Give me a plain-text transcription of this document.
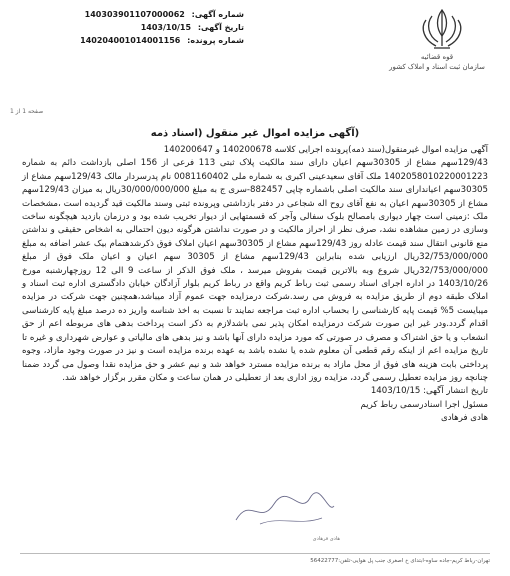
شماره آگهی: 140303901107000062
تاریخ آگهی: 1403/10/15
شماره پرونده: 140204001014001156
قوه قضائیه
سازمان ثبت اسناد و املاک کشور
صفحه 1 از 1
(آگهی مزایده اموال غیر منقول (اسناد ذمه

آگهی مزایده اموال غیرمنقول(سند ذمه)پرونده اجرایی کلاسه 140200678 و 140200647

129/43سهم مشاع از 30305سهم اعیان دارای سند مالکیت پلاک ثبتی 113 فرعی از 156 اصلی بازداشت دائم به شماره 1402058010220001223 ملک آقای سعیدعینی اکبری به شماره ملی 0081160402 نام پدرسردار مالک 129/43سهم مشاع از 30305سهم اعیاندارای سند مالکیت اصلی باشماره چاپی 882457-سری ج به مبلغ 30/000/000/000ریال به میزان 129/43سهم مشاع از 30305سهم اعیان به نفع آقای روح اله شجاعی در دفتر بازداشتی وپرونده ثبتی وسند مالکیت قید گردیده است ،مشخصات ملک :زمینی است چهار دیواری بامصالح بلوک سفالی وآجر که قسمتهایی از دیوار تخریب شده بود و درزمان بازدید هیچگونه ساخت وسازی در زمین مشاهده نشد، صرف نظر از احراز مالکیت و در صورت نداشتن هرگونه دیون احتمالی به اشخاص حقیقی و نداشتن منع قانونی انتقال سند قیمت عادله روز 129/43سهم مشاع از 30305سهم اعیان املاک فوق ذکرشدهتمام بیک عشر اضافه به مبلغ 32/753/000/000ریال ارزیابی شده بنابراین 129/43سهم مشاع از 30305 سهم اعیان و اعیان ملک فوق از مبلغ 32/753/000/000ریال شروع وبه بالاترین قیمت بفروش میرسد ، ملک فوق الذکر از ساعت 9 الی 12 روزچهارشنبه مورخ 1403/10/26 در اداره اجرای اسناد رسمی ثبت رباط کریم واقع در رباط کریم بلوار آزادگان خیابان دادگستری اداره ثبت اسناد و املاک طبقه دوم از طریق مزایده به فروش می رسد.شرکت درمزایده جهت عموم آزاد میباشد،همچنین جهت شرکت در مزایده میبایست 5% قیمت پایه کارشناسی را بحساب اداره ثبت مراجعه نمایند تا نسبت به اخذ شناسه واریز ده درصد مبلغ پایه کارشناسی اقدام گردد.ودر غیر این صورت شرکت درمزایده امکان پذیر نمی باشدلازم به ذکر است پرداخت بدهی های مربوطه اعم از حق انشعاب و یا حق اشتراک و مصرف در صورتی که مورد مزایده دارای آنها باشد و نیز بدهی های مالیاتی و عوارض شهرداری و غیره تا تاریخ مزایده اعم از اینکه رقم قطعی آن معلوم شده یا نشده باشد به عهده برنده مزایده است و نیز در صورت وجود مازاد، وجوه پرداختی بابت هزینه های فوق از محل مازاد به برنده مزایده مسترد خواهد شد و نیم عشر و حق مزایده نقدا وصول می گردد ضمنا چنانچه روز مزایده تعطیل رسمی گردد، مزایده روز اداری بعد از تعطیلی در همان ساعت و مکان مقرر برگزار خواهد شد.

تاریخ انتشار آگهی: 1403/10/15
مسئول اجرا اسنادرسمی رباط کریم
هادی فرهادی
هادی فرهادی
تهران-رباط کریم-جاده ساوه-ابتدای خ اصغری جنب پل هوایی-تلفن:56422777
